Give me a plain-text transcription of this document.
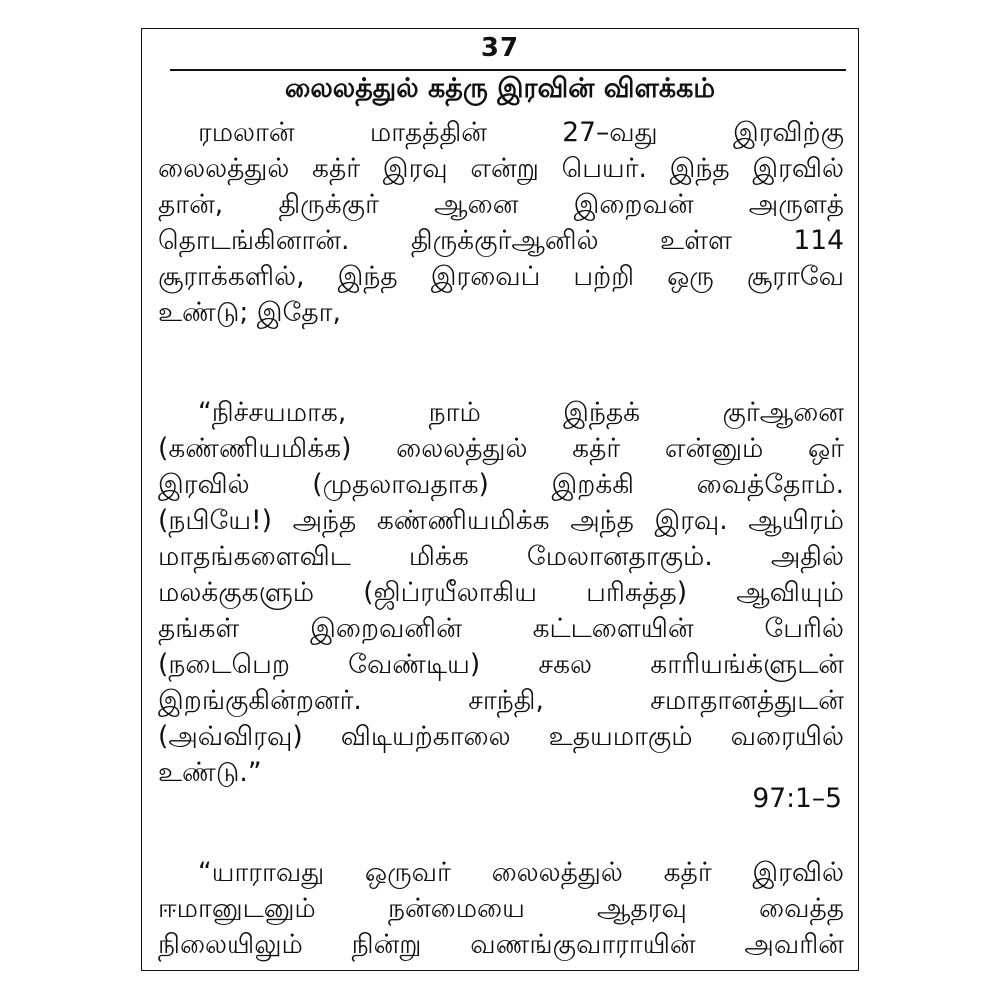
37
லைலத்துல் கத்ரு இரவின் விளக்கம்
ரமலான் மாதத்தின் 27–வது இரவிற்கு
லைலத்துல் கத்ர் இரவு என்று பெயர். இந்த இரவில்
தான், திருக்குர் ஆனை இறைவன் அருளத்
தொடங்கினான். திருக்குர்ஆனில் உள்ள 114
சூராக்களில், இந்த இரவைப் பற்றி ஒரு சூராவே
உண்டு; இதோ,
“நிச்சயமாக, நாம் இந்தக் குர்ஆனை
(கண்ணியமிக்க) லைலத்துல் கத்ர் என்னும் ஒர்
இரவில் (முதலாவதாக) இறக்கி வைத்தோம்.
(நபியே!) அந்த கண்ணியமிக்க அந்த இரவு. ஆயிரம்
மாதங்களைவிட மிக்க மேலானதாகும். அதில்
மலக்குகளும் (ஜிப்ரயீலாகிய பரிசுத்த) ஆவியும்
தங்கள் இறைவனின் கட்டளையின் பேரில்
(நடைபெற வேண்டிய) சகல காரியங்க்ளுடன்
இறங்குகின்றனர். சாந்தி, சமாதானத்துடன்
(அவ்விரவு) விடியற்காலை உதயமாகும் வரையில்
உண்டு.”
97:1–5
“யாராவது ஒருவர் லைலத்துல் கத்ர் இரவில்
ஈமானுடனும் நன்மையை ஆதரவு வைத்த
நிலையிலும் நின்று வணங்குவாராயின் அவரின்
